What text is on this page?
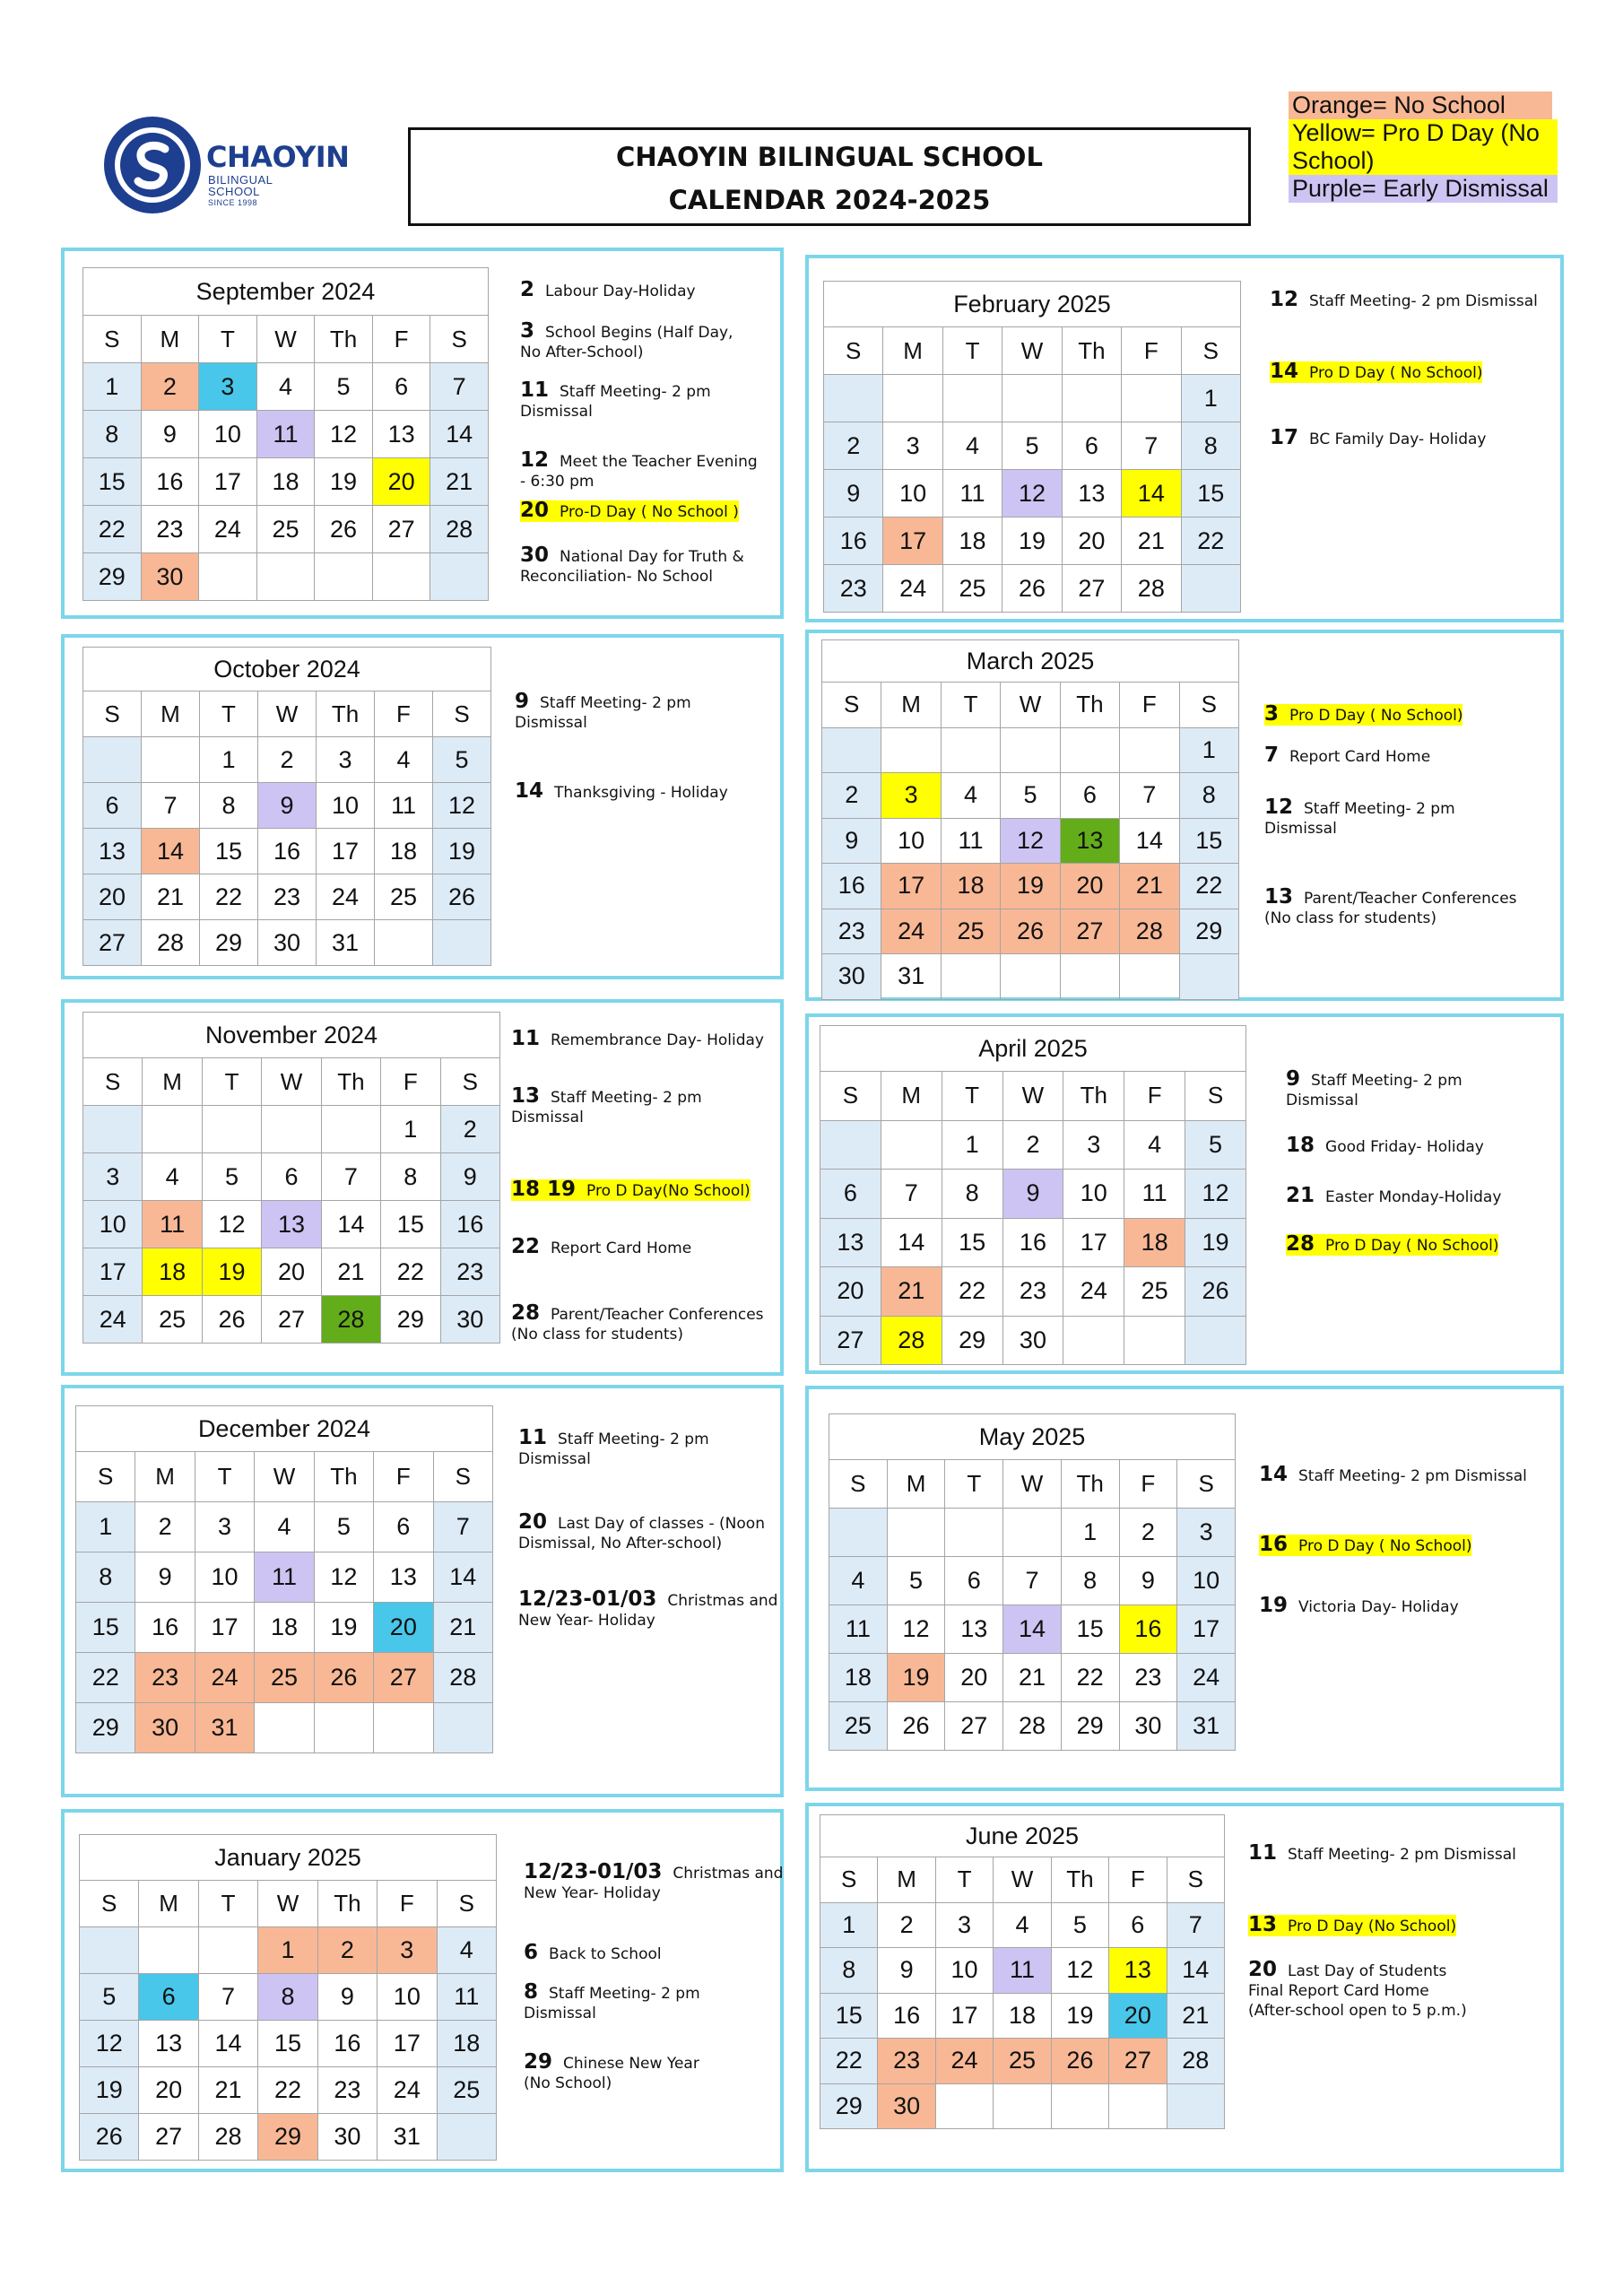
CHAOYIN
BILINGUAL
SCHOOL
SINCE 1998
CHAOYIN BILINGUAL SCHOOL
CALENDAR 2024-2025
Orange= No School
Yellow= Pro D Day (No School)
Purple= Early Dismissal
September 2024						
S	M	T	W	Th	F	S
1	2	3	4	5	6	7
8	9	10	11	12	13	14
15	16	17	18	19	20	21
22	23	24	25	26	27	28
29	30					
October 2024						
S	M	T	W	Th	F	S
		1	2	3	4	5
6	7	8	9	10	11	12
13	14	15	16	17	18	19
20	21	22	23	24	25	26
27	28	29	30	31		
November 2024						
S	M	T	W	Th	F	S
					1	2
3	4	5	6	7	8	9
10	11	12	13	14	15	16
17	18	19	20	21	22	23
24	25	26	27	28	29	30
December 2024						
S	M	T	W	Th	F	S
1	2	3	4	5	6	7
8	9	10	11	12	13	14
15	16	17	18	19	20	21
22	23	24	25	26	27	28
29	30	31				
January 2025						
S	M	T	W	Th	F	S
			1	2	3	4
5	6	7	8	9	10	11
12	13	14	15	16	17	18
19	20	21	22	23	24	25
26	27	28	29	30	31	
February 2025						
S	M	T	W	Th	F	S
						1
2	3	4	5	6	7	8
9	10	11	12	13	14	15
16	17	18	19	20	21	22
23	24	25	26	27	28	
March 2025						
S	M	T	W	Th	F	S
						1
2	3	4	5	6	7	8
9	10	11	12	13	14	15
16	17	18	19	20	21	22
23	24	25	26	27	28	29
30	31					
April 2025						
S	M	T	W	Th	F	S
		1	2	3	4	5
6	7	8	9	10	11	12
13	14	15	16	17	18	19
20	21	22	23	24	25	26
27	28	29	30			
May 2025						
S	M	T	W	Th	F	S
				1	2	3
4	5	6	7	8	9	10
11	12	13	14	15	16	17
18	19	20	21	22	23	24
25	26	27	28	29	30	31
June 2025						
S	M	T	W	Th	F	S
1	2	3	4	5	6	7
8	9	10	11	12	13	14
15	16	17	18	19	20	21
22	23	24	25	26	27	28
29	30					
2 Labour Day-Holiday
3 School Begins (Half Day,
No After-School)
11 Staff Meeting- 2 pm
Dismissal
12 Meet the Teacher Evening
- 6:30 pm
20 Pro-D Day ( No School )
30 National Day for Truth &
Reconciliation- No School
9 Staff Meeting- 2 pm
Dismissal
14 Thanksgiving - Holiday
11 Remembrance Day- Holiday
13 Staff Meeting- 2 pm
Dismissal
18 19 Pro D Day(No School)
22 Report Card Home
28 Parent/Teacher Conferences
(No class for students)
11 Staff Meeting- 2 pm
Dismissal
20 Last Day of classes - (Noon
Dismissal, No After-school)
12/23-01/03 Christmas and
New Year- Holiday
12/23-01/03 Christmas and
New Year- Holiday
6 Back to School
8 Staff Meeting- 2 pm
Dismissal
29 Chinese New Year
(No School)
12 Staff Meeting- 2 pm Dismissal
14 Pro D Day ( No School)
17 BC Family Day- Holiday
3 Pro D Day ( No School)
7 Report Card Home
12 Staff Meeting- 2 pm
Dismissal
13 Parent/Teacher Conferences
(No class for students)
9 Staff Meeting- 2 pm
Dismissal
18 Good Friday- Holiday
21 Easter Monday-Holiday
28 Pro D Day ( No School)
14 Staff Meeting- 2 pm Dismissal
16 Pro D Day ( No School)
19 Victoria Day- Holiday
11 Staff Meeting- 2 pm Dismissal
13 Pro D Day (No School)
20 Last Day of Students
Final Report Card Home
(After-school open to 5 p.m.)
